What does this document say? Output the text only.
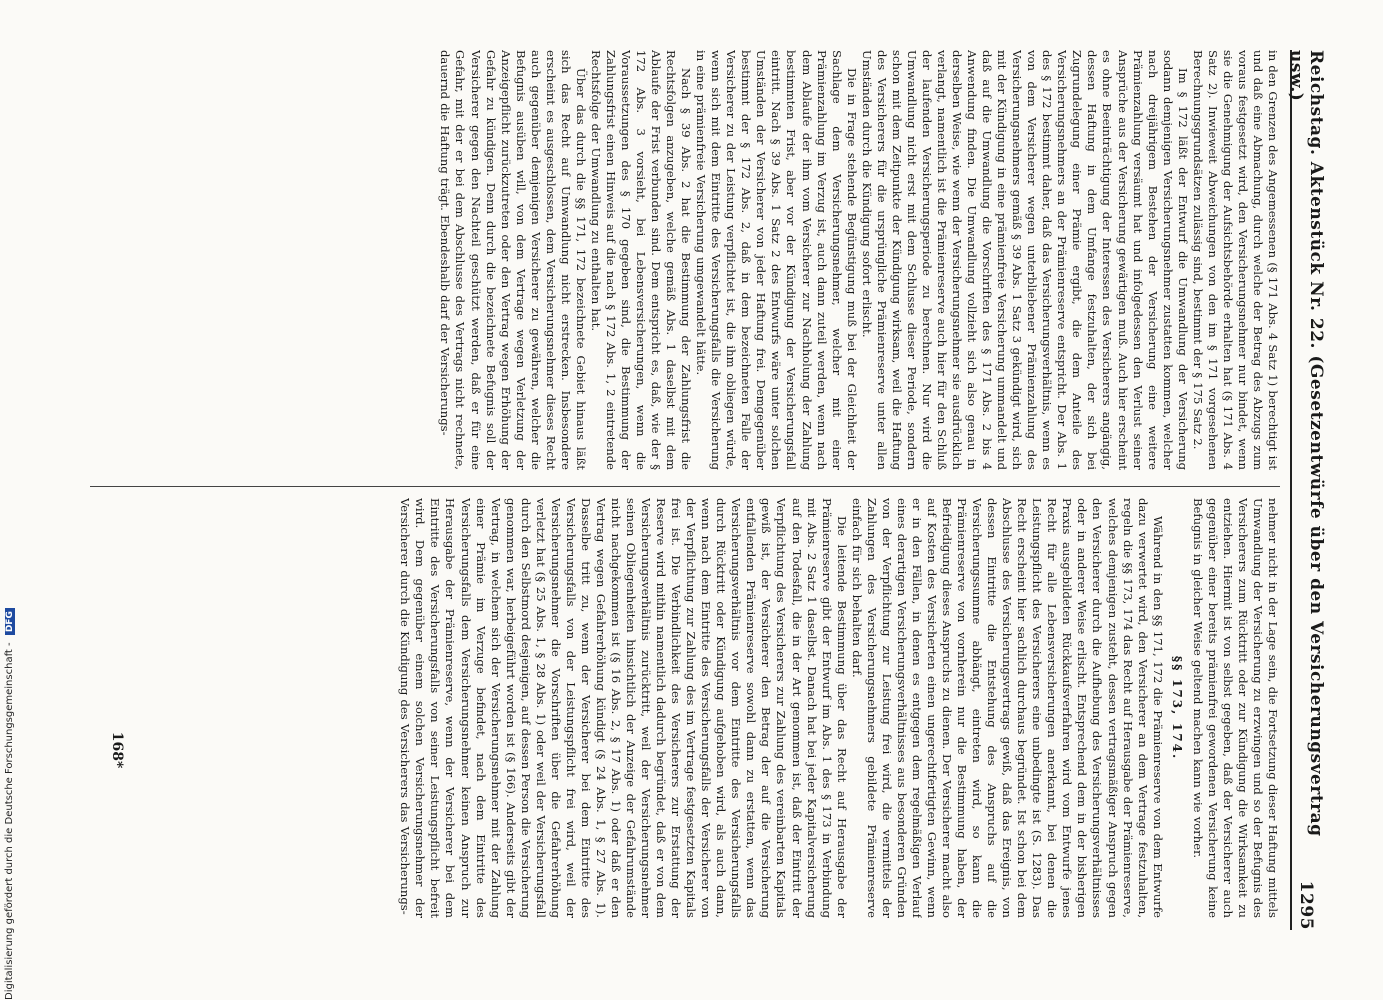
Reichstag. Aktenstück Nr. 22. (Gesetzentwürfe über den Versicherungsvertrag usw.)
1295

in den Grenzen des Angemessenen (§ 171 Abs. 4 Satz 1) berechtigt ist und daß eine Abmachung, durch welche der Betrag des Abzugs zum voraus festgesetzt wird, den Versicherungsnehmer nur bindet, wenn sie die Genehmigung der Aufsichtsbehörde erhalten hat (§ 171 Abs. 4 Satz 2). Inwieweit Abweichungen von den im § 171 vorgesehenen Berechnungsgrundsätzen zulässig sind, bestimmt der § 175 Satz 2.

Im § 172 läßt der Entwurf die Umwandlung der Versicherung sodann demjenigen Versicherungsnehmer zustatten kommen, welcher nach dreijährigem Bestehen der Versicherung eine weitere Prämienzahlung versäumt hat und infolgedessen den Verlust seiner Ansprüche aus der Versicherung gewärtigen muß. Auch hier erscheint es ohne Beeinträchtigung der Interessen des Versicherers angängig, dessen Haftung in dem Umfange festzuhalten, der sich bei Zugrundelegung einer Prämie ergibt, die dem Anteile des Versicherungsnehmers an der Prämienreserve entspricht. Der Abs. 1 des § 172 bestimmt daher, daß das Versicherungsverhältnis, wenn es von dem Versicherer wegen unterbliebener Prämienzahlung des Versicherungsnehmers gemäß § 39 Abs. 1 Satz 3 gekündigt wird, sich mit der Kündigung in eine prämienfreie Versicherung ummandelt und daß auf die Umwandlung die Vorschriften des § 171 Abs. 2 bis 4 Anwendung finden. Die Umwandlung vollzieht sich also genau in derselben Weise, wie wenn der Versicherungsnehmer sie ausdrücklich verlangt, namentlich ist die Prämienreserve auch hier für den Schluß der laufenden Versicherungsperiode zu berechnen. Nur wird die Umwandlung nicht erst mit dem Schlusse dieser Periode, sondern schon mit dem Zeitpunkte der Kündigung wirksam, weil die Haftung des Versicherers für die ursprüngliche Prämienreserve unter allen Umständen durch die Kündigung sofort erlischt.

Die in Frage stehende Begünstigung muß bei der Gleichheit der Sachlage dem Versicherungsnehmer, welcher mit einer Prämienzahlung im Verzug ist, auch dann zuteil werden, wenn nach dem Ablaufe der ihm vom Versicherer zur Nachholung der Zahlung bestimmten Frist, aber vor der Kündigung der Versicherungsfall eintritt. Nach § 39 Abs. 1 Satz 2 des Entwurfs wäre unter solchen Umständen der Versicherer von jeder Haftung frei. Demgegenüber bestimmt der § 172 Abs. 2, daß in dem bezeichneten Falle der Versicherer zu der Leistung verpflichtet ist, die ihm obliegen würde, wenn sich mit dem Eintritte des Versicherungsfalls die Versicherung in eine prämienfreie Versicherung umgewandelt hätte.

Nach § 39 Abs. 2 hat die Bestimmung der Zahlungsfrist die Rechtsfolgen anzugeben, welche gemäß Abs. 1 daselbst mit dem Ablaufe der Frist verbunden sind. Dem entspricht es, daß, wie der § 172 Abs. 3 vorsieht, bei Lebensversicherungen, wenn die Voraussetzungen des § 170 gegeben sind, die Bestimmung der Zahlungsfrist einen Hinweis auf die nach § 172 Abs. 1, 2 eintretende Rechtsfolge der Umwandlung zu enthalten hat.

Über das durch die §§ 171, 172 bezeichnete Gebiet hinaus läßt sich das Recht auf Umwandlung nicht erstrecken. Insbesondere erscheint es ausgeschlossen, dem Versicherungsnehmer dieses Recht auch gegenüber demjenigen Versicherer zu gewähren, welcher die Befugnis ausüben will, von dem Vertrage wegen Verletzung der Anzeigepflicht zurückzutreten oder den Vertrag wegen Erhöhung der Gefahr zu kündigen. Denn durch die bezeichnete Befugnis soll der Versicherer gegen den Nachteil geschützt werden, daß er für eine Gefahr, mit der er bei dem Abschlusse des Vertrags nicht rechnete, dauernd die Haftung trägt. Ebendeshalb darf der Versicherungs-

nehmer nicht in der Lage sein, die Fortsetzung dieser Haftung mittels Umwandlung der Versicherung zu erzwingen und so der Befugnis des Versicherers zum Rücktritt oder zur Kündigung die Wirksamkeit zu entziehen. Hiermit ist von selbst gegeben, daß der Versicherer auch gegenüber einer bereits prämienfrei gewordenen Versicherung keine Befugnis in gleicher Weise geltend machen kann wie vorher.

§§ 173, 174.

Während in den §§ 171, 172 die Prämienreserve von dem Entwurfe dazu verwertet wird, den Versicherer an dem Vertrage festzuhalten, regeln die §§ 173, 174 das Recht auf Herausgabe der Prämienreserve, welches demjenigen zusteht, dessen vertragsmäßiger Anspruch gegen den Versicherer durch die Aufhebung des Versicherungsverhältnisses oder in anderer Weise erlischt. Entsprechend dem in der bisherigen Praxis ausgebildeten Rückkaufsverfahren wird vom Entwurfe jenes Recht für alle Lebensversicherungen anerkannt, bei denen die Leistungspflicht des Versicherers eine unbedingte ist (S. 1283). Das Recht erscheint hier sachlich durchaus begründet. Ist schon bei dem Abschlusse des Versicherungsvertrags gewiß, daß das Ereignis, von dessen Eintritte die Entstehung des Anspruchs auf die Versicherungssumme abhängt, eintreten wird, so kann die Prämienreserve von vornherein nur die Bestimmung haben, der Befriedigung dieses Anspruchs zu dienen. Der Versicherer macht also auf Kosten des Versicherten einen ungerechtfertigten Gewinn, wenn er in den Fällen, in denen es entgegen dem regelmäßigen Verlauf eines derartigen Versicherungsverhältnisses aus besonderen Gründen von der Verpflichtung zur Leistung frei wird, die vermittels der Zahlungen des Versicherungsnehmers gebildete Prämienreserve einfach für sich behalten darf.

Die leitende Bestimmung über das Recht auf Herausgabe der Prämienreserve gibt der Entwurf im Abs. 1 des § 173 in Verbindung mit Abs. 2 Satz 1 daselbst. Danach hat bei jeder Kapitalversicherung auf den Todesfall, die in der Art genommen ist, daß der Eintritt der Verpflichtung des Versicherers zur Zahlung des vereinbarten Kapitals gewiß ist, der Versicherer den Betrag der auf die Versicherung entfallenden Prämienreserve sowohl dann zu erstatten, wenn das Versicherungsverhältnis vor dem Eintritte des Versicherungsfalls durch Rücktritt oder Kündigung aufgehoben wird, als auch dann, wenn nach dem Eintritte des Versicherungsfalls der Versicherer von der Verpflichtung zur Zahlung des im Vertrage festgesetzten Kapitals frei ist. Die Verbindlichkeit des Versicherers zur Erstattung der Reserve wird mithin namentlich dadurch begründet, daß er von dem Versicherungsverhältnis zurücktritt, weil der Versicherungsnehmer seinen Obliegenheiten hinsichtlich der Anzeige der Gefahrumstände nicht nachgekommen ist (§ 16 Abs. 2, § 17 Abs. 1) oder daß er den Vertrag wegen Gefahrerhöhung kündigt (§ 24 Abs. 1, § 27 Abs. 1). Dasselbe tritt zu, wenn der Versicherer bei dem Eintritte des Versicherungsfalls von der Leistungspflicht frei wird, weil der Versicherungsnehmer die Vorschriften über die Gefahrerhöhung verletzt hat (§ 25 Abs. 1, § 28 Abs. 1) oder weil der Versicherungsfall durch den Selbstmord desjenigen, auf dessen Person die Versicherung genommen war, herbeigeführt worden ist (§ 166). Anderseits gibt der Vertrag, in welchem sich der Versicherungsnehmer mit der Zahlung einer Prämie im Verzuge befindet, nach dem Eintritte des Versicherungsfalls dem Versicherungsnehmer keinen Anspruch zur Herausgabe der Prämienreserve, wenn der Versicherer bei dem Eintritte des Versicherungsfalls von seiner Leistungspflicht befreit wird. Dem gegenüber einem solchen Versicherungsnehmer der Versicherer durch die Kündigung des Versicherers das Versicherungs-

168*
Digitalisierung gefördert durch die Deutsche Forschungsgemeinschaft - DFG
